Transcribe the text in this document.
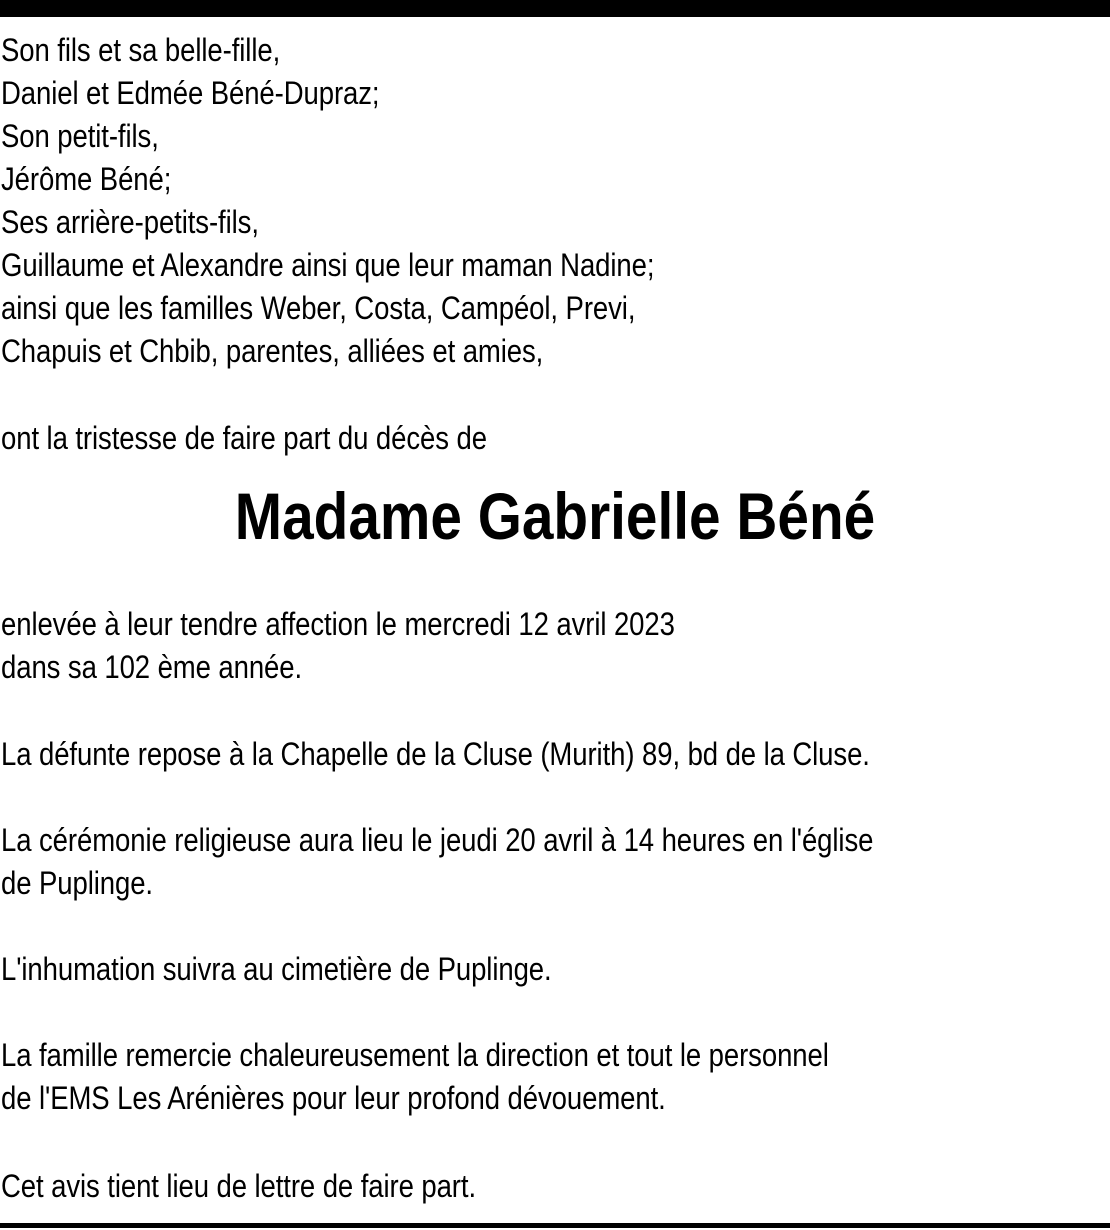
Son fils et sa belle-fille,

Daniel et Edmée Béné-Dupraz;

Son petit-fils,

Jérôme Béné;

Ses arrière-petits-fils,

Guillaume et Alexandre ainsi que leur maman Nadine;

ainsi que les familles Weber, Costa, Campéol, Previ,

Chapuis et Chbib, parentes, alliées et amies,

ont la tristesse de faire part du décès de

Madame Gabrielle Béné

enlevée à leur tendre affection le mercredi 12 avril 2023

dans sa 102 ème année.

La défunte repose à la Chapelle de la Cluse (Murith) 89, bd de la Cluse.

La cérémonie religieuse aura lieu le jeudi 20 avril à 14 heures en l'église

de Puplinge.

L'inhumation suivra au cimetière de Puplinge.

La famille remercie chaleureusement la direction et tout le personnel

de l'EMS Les Arénières pour leur profond dévouement.

Cet avis tient lieu de lettre de faire part.
